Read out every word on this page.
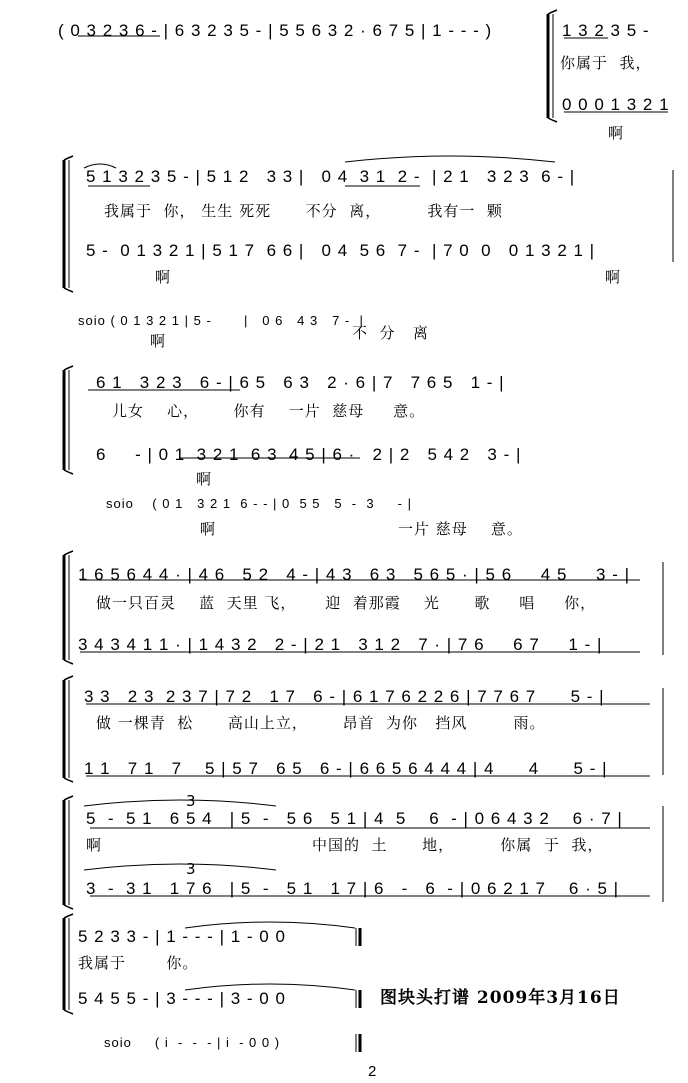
( 0 3 2 3 6 - | 6 3 2 3 5 - | 5 5 6 3 2 · 6 7 5 | 1 - - - )	1 3 2 3 5 -
你属于  我，
0 0 0 1 3 2 1
啊
5 1 3 2 3 5 - | 5 1 2   3 3 |   0 4  3 1  2 -  | 2 1   3 2 3  6 - |
我属于  你， 生生 死死      不分  离，        我有一  颗
5 -  0 1 3 2 1 | 5 1 7  6 6 |   0 4  5 6  7 -  | 7 0  0   0 1 3 2 1 |
啊	啊
soio ( 0 1 3 2 1 | 5 -       |   0 6   4 3   7 -  |
啊	不  分   离
6 1   3 2 3   6 - | 6 5   6 3   2 · 6 | 7   7 6 5   1 - |
儿女    心，      你有    一片  慈母     意。
6     - | 0 1  3 2 1  6 3  4 5 | 6 ·   2 | 2   5 4 2   3 - |
啊
soio    ( 0 1   3 2 1  6 - - | 0  5 5   5  -  3     - |
啊	一片 慈母    意。
1 6 5 6 4 4 · | 4 6   5 2   4 - | 4 3   6 3   5 6 5 · | 5 6     4 5     3 - |
做一只百灵    蓝  天里 飞，     迎  着那霞    光      歌     唱     你，
3 4 3 4 1 1 · | 1 4 3 2   2 - | 2 1   3 1 2   7 · | 7 6     6 7     1 - |
3 3   2 3  2 3 7 | 7 2   1 7   6 - | 6 1 7 6 2 2 6 | 7 7 6 7      5 - |
做 一棵青  松      高山上立，      昂首  为你   挡风        雨。
1 1   7 1   7    5 | 5 7   6 5   6 - | 6 6 5 6 4 4 4 | 4      4      5 - |
3
5  -  5 1   6 5 4   | 5  -   5 6   5 1 | 4  5    6  - | 0 6 4 3 2    6 · 7 |
啊	中国的  土      地，        你属  于  我，
3
3  -  3 1   1 7 6   | 5  -   5 1   1 7 | 6   -   6  - | 0 6 2 1 7    6 · 5 |
5 2 3 3 - | 1 - - - | 1 - 0 0
我属于       你。
5 4 5 5 - | 3 - - - | 3 - 0 0
soio     ( i  -  -  - | i  - 0 0 )
图块头打谱 2009年3月16日
2
